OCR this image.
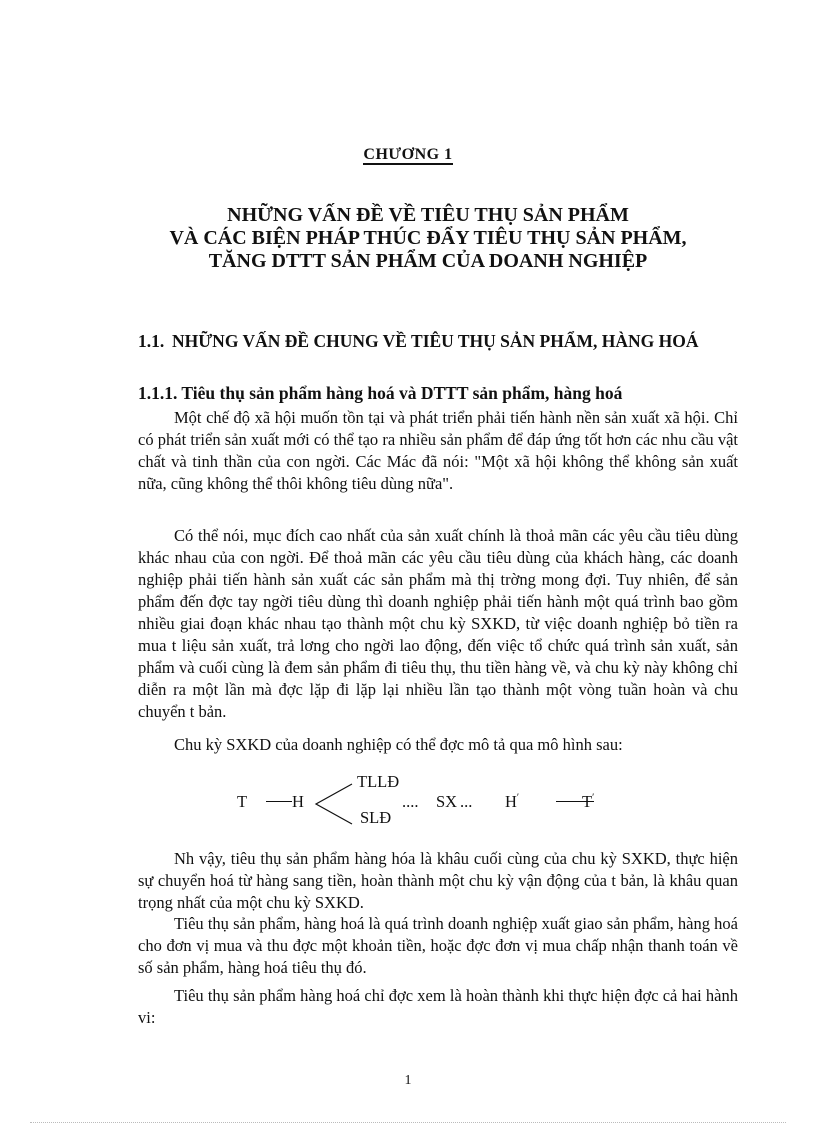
CHƯƠNG 1
NHỮNG VẤN ĐỀ VỀ TIÊU THỤ SẢN PHẨM
VÀ CÁC BIỆN PHÁP THÚC ĐẨY TIÊU THỤ SẢN PHẨM,
TĂNG DTTT SẢN PHẨM CỦA DOANH NGHIỆP
1.1. NHỮNG VẤN ĐỀ CHUNG VỀ TIÊU THỤ SẢN PHẨM, HÀNG HOÁ
1.1.1. Tiêu thụ sản phẩm hàng hoá và DTTT sản phẩm, hàng hoá

Một chế độ xã hội muốn tồn tại và phát triển phải tiến hành nền sản xuất xã hội. Chỉ có phát triển sản xuất mới có thể tạo ra nhiều sản phẩm để đáp ứng tốt hơn các nhu cầu vật chất và tinh thần của con ngời. Các Mác đã nói: "Một xã hội không thể không sản xuất nữa, cũng không thể thôi không tiêu dùng nữa".

Có thể nói, mục đích cao nhất của sản xuất chính là thoả mãn các yêu cầu tiêu dùng khác nhau của con ngời. Để thoả mãn các yêu cầu tiêu dùng của khách hàng, các doanh nghiệp phải tiến hành sản xuất các sản phẩm mà thị trờng mong đợi. Tuy nhiên, để sản phẩm đến đợc tay ngời tiêu dùng thì doanh nghiệp phải tiến hành một quá trình bao gồm nhiều giai đoạn khác nhau tạo thành một chu kỳ SXKD, từ việc doanh nghiệp bỏ tiền ra mua t liệu sản xuất, trả lơng cho ngời lao động, đến việc tổ chức quá trình sản xuất, sản phẩm và cuối cùng là đem sản phẩm đi tiêu thụ, thu tiền hàng về, và chu kỳ này không chỉ diễn ra một lần mà đợc lặp đi lặp lại nhiều lần tạo thành một vòng tuần hoàn và chu chuyển t bản.

Chu kỳ SXKD của doanh nghiệp có thể đợc mô tả qua mô hình sau:

T	H
TLLĐ
SLĐ
.... SX ... H′	T′

Nh vậy, tiêu thụ sản phẩm hàng hóa là khâu cuối cùng của chu kỳ SXKD, thực hiện sự chuyển hoá từ hàng sang tiền, hoàn thành một chu kỳ vận động của t bản, là khâu quan trọng nhất của một chu kỳ SXKD.

Tiêu thụ sản phẩm, hàng hoá là quá trình doanh nghiệp xuất giao sản phẩm, hàng hoá cho đơn vị mua và thu đợc một khoản tiền, hoặc đợc đơn vị mua chấp nhận thanh toán về số sản phẩm, hàng hoá tiêu thụ đó.

Tiêu thụ sản phẩm hàng hoá chỉ đợc xem là hoàn thành khi thực hiện đợc cả hai hành vi:

1
